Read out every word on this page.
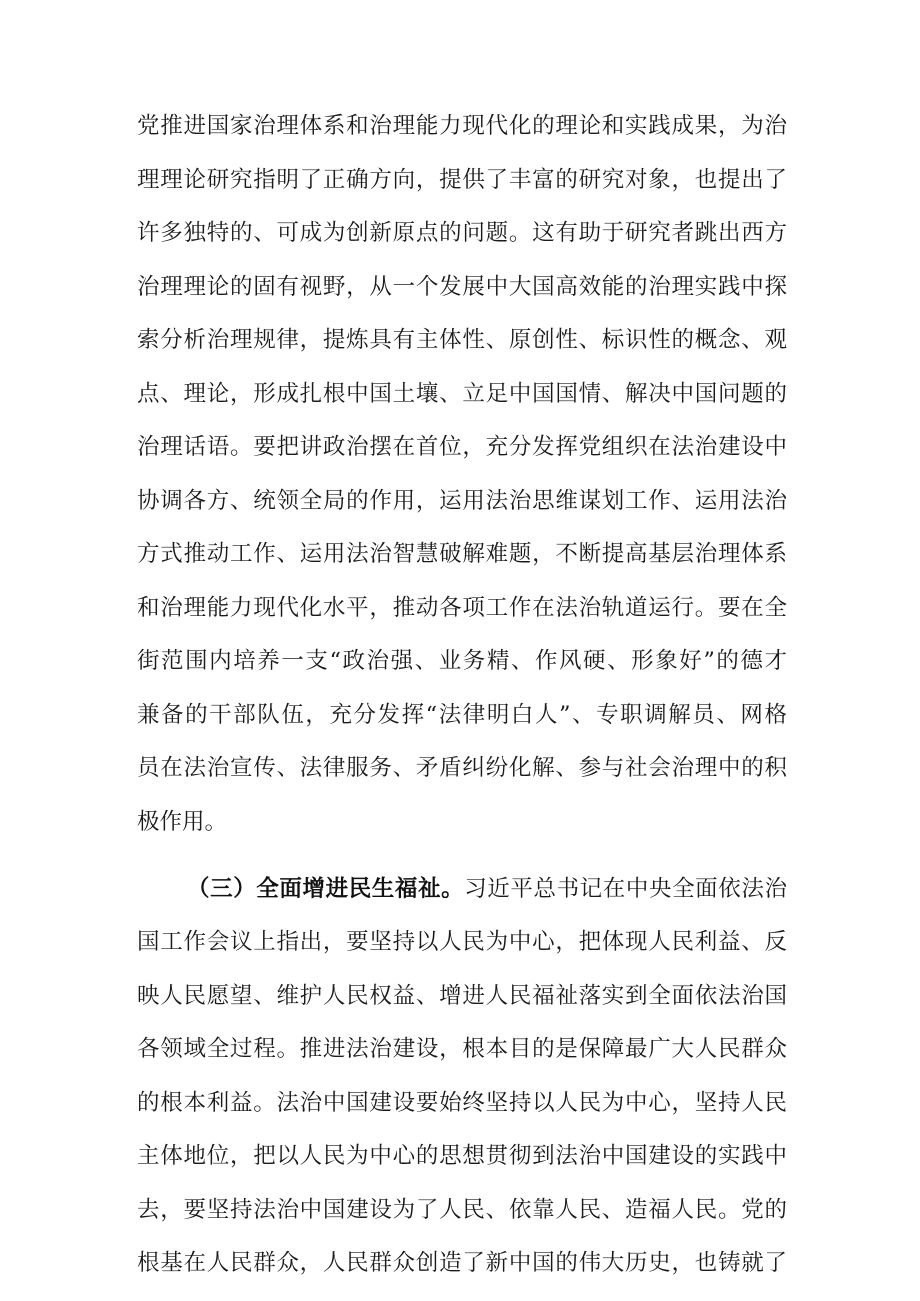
党推进国家治理体系和治理能力现代化的理论和实践成果，为治
理理论研究指明了正确方向，提供了丰富的研究对象，也提出了
许多独特的、可成为创新原点的问题。这有助于研究者跳出西方
治理理论的固有视野，从一个发展中大国高效能的治理实践中探
索分析治理规律，提炼具有主体性、原创性、标识性的概念、观
点、理论，形成扎根中国土壤、立足中国国情、解决中国问题的
治理话语。要把讲政治摆在首位，充分发挥党组织在法治建设中
协调各方、统领全局的作用，运用法治思维谋划工作、运用法治
方式推动工作、运用法治智慧破解难题，不断提高基层治理体系
和治理能力现代化水平，推动各项工作在法治轨道运行。要在全
街范围内培养一支“政治强、业务精、作风硬、形象好”的德才
兼备的干部队伍，充分发挥“法律明白人”、专职调解员、网格
员在法治宣传、法律服务、矛盾纠纷化解、参与社会治理中的积
极作用。
（三）全面增进民生福祉。习近平总书记在中央全面依法治
国工作会议上指出，要坚持以人民为中心，把体现人民利益、反
映人民愿望、维护人民权益、增进人民福祉落实到全面依法治国
各领域全过程。推进法治建设，根本目的是保障最广大人民群众
的根本利益。法治中国建设要始终坚持以人民为中心，坚持人民
主体地位，把以人民为中心的思想贯彻到法治中国建设的实践中
去，要坚持法治中国建设为了人民、依靠人民、造福人民。党的
根基在人民群众，人民群众创造了新中国的伟大历史，也铸就了
